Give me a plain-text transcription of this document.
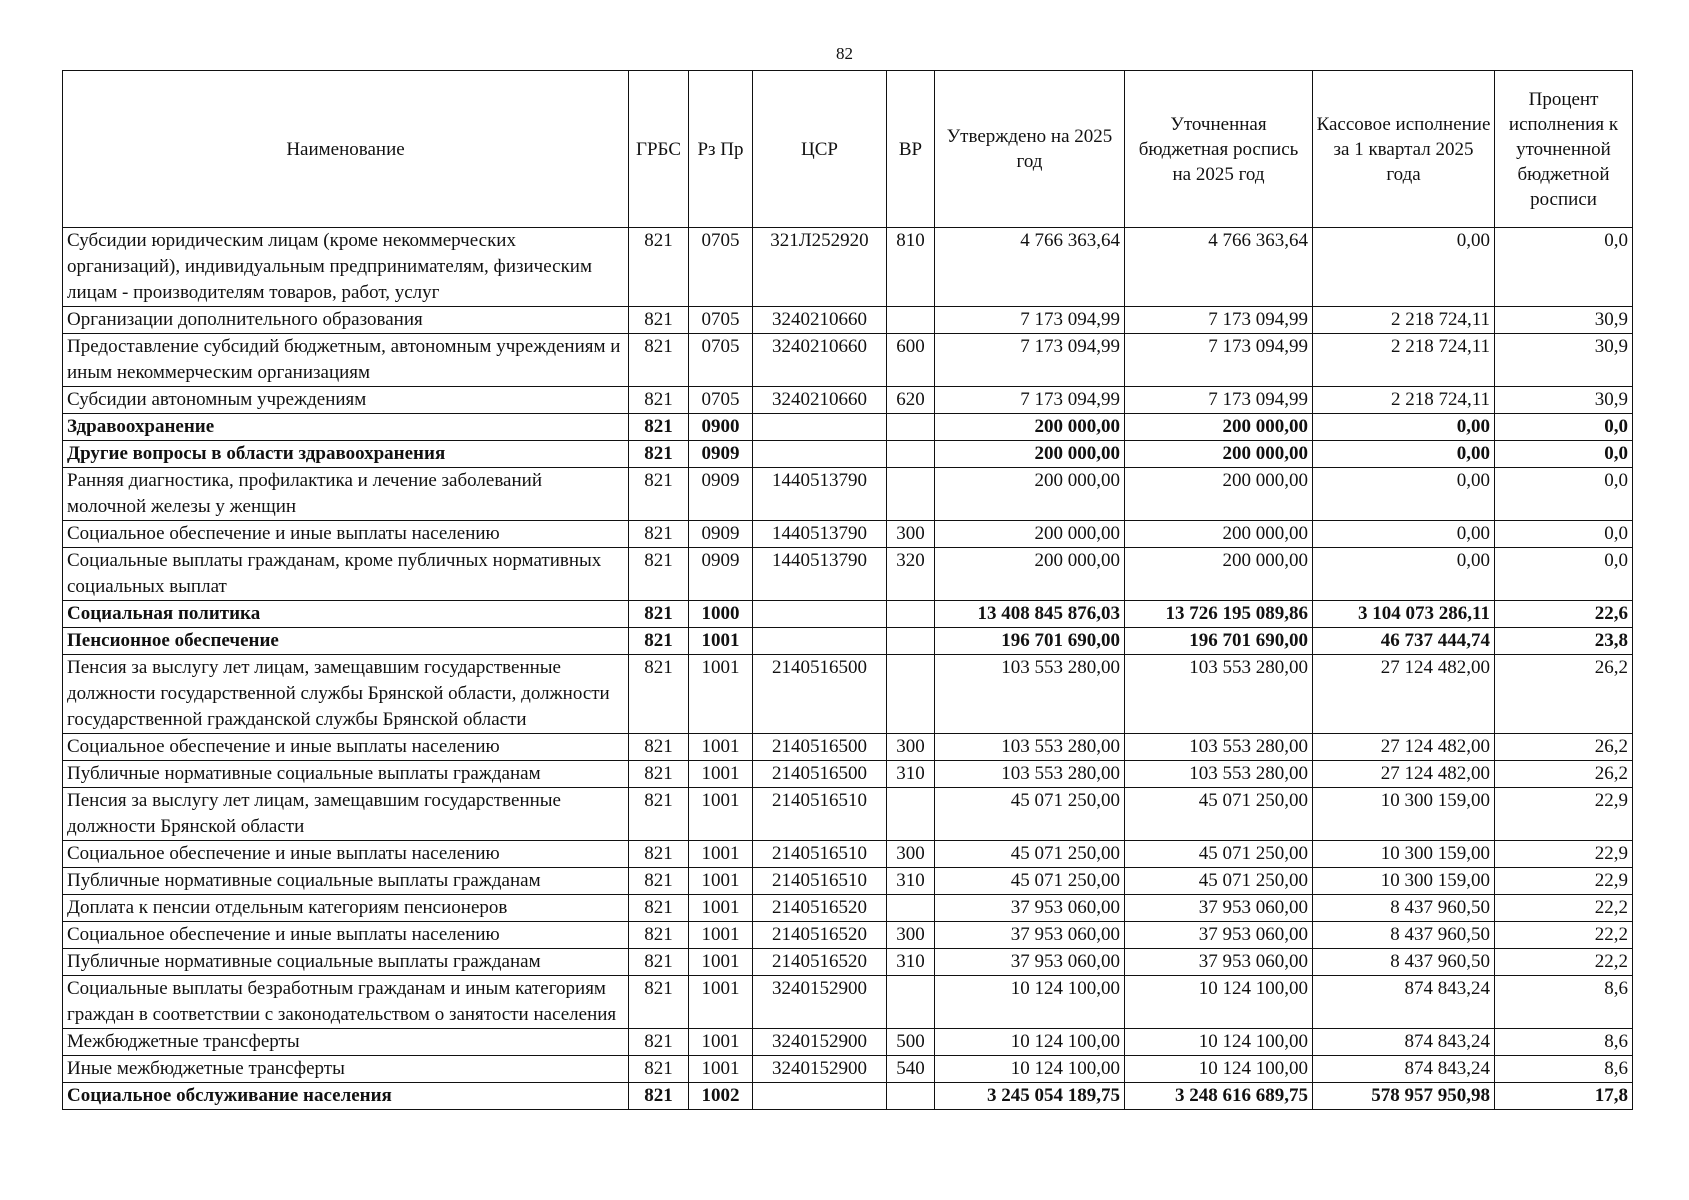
82
Наименование	ГРБС	Рз Пр	ЦСР	ВР	Утверждено на 2025 год	Уточненная бюджетная роспись на 2025 год	Кассовое исполнение за 1 квартал 2025 года	Процент исполнения к уточненной бюджетной росписи
Субсидии юридическим лицам (кроме некоммерческих организаций), индивидуальным предпринимателям, физическим лицам - производителям товаров, работ, услуг	821	0705	321Л252920	810	4 766 363,64	4 766 363,64	0,00	0,0
Организации дополнительного образования	821	0705	3240210660		7 173 094,99	7 173 094,99	2 218 724,11	30,9
Предоставление субсидий бюджетным, автономным учреждениям и иным некоммерческим организациям	821	0705	3240210660	600	7 173 094,99	7 173 094,99	2 218 724,11	30,9
Субсидии автономным учреждениям	821	0705	3240210660	620	7 173 094,99	7 173 094,99	2 218 724,11	30,9
Здравоохранение	821	0900			200 000,00	200 000,00	0,00	0,0
Другие вопросы в области здравоохранения	821	0909			200 000,00	200 000,00	0,00	0,0
Ранняя диагностика, профилактика и лечение заболеваний молочной железы у женщин	821	0909	1440513790		200 000,00	200 000,00	0,00	0,0
Социальное обеспечение и иные выплаты населению	821	0909	1440513790	300	200 000,00	200 000,00	0,00	0,0
Социальные выплаты гражданам, кроме публичных нормативных социальных выплат	821	0909	1440513790	320	200 000,00	200 000,00	0,00	0,0
Социальная политика	821	1000			13 408 845 876,03	13 726 195 089,86	3 104 073 286,11	22,6
Пенсионное обеспечение	821	1001			196 701 690,00	196 701 690,00	46 737 444,74	23,8
Пенсия за выслугу лет лицам, замещавшим государственные должности государственной службы Брянской области, должности государственной гражданской службы Брянской области	821	1001	2140516500		103 553 280,00	103 553 280,00	27 124 482,00	26,2
Социальное обеспечение и иные выплаты населению	821	1001	2140516500	300	103 553 280,00	103 553 280,00	27 124 482,00	26,2
Публичные нормативные социальные выплаты гражданам	821	1001	2140516500	310	103 553 280,00	103 553 280,00	27 124 482,00	26,2
Пенсия за выслугу лет лицам, замещавшим государственные должности Брянской области	821	1001	2140516510		45 071 250,00	45 071 250,00	10 300 159,00	22,9
Социальное обеспечение и иные выплаты населению	821	1001	2140516510	300	45 071 250,00	45 071 250,00	10 300 159,00	22,9
Публичные нормативные социальные выплаты гражданам	821	1001	2140516510	310	45 071 250,00	45 071 250,00	10 300 159,00	22,9
Доплата к пенсии отдельным категориям пенсионеров	821	1001	2140516520		37 953 060,00	37 953 060,00	8 437 960,50	22,2
Социальное обеспечение и иные выплаты населению	821	1001	2140516520	300	37 953 060,00	37 953 060,00	8 437 960,50	22,2
Публичные нормативные социальные выплаты гражданам	821	1001	2140516520	310	37 953 060,00	37 953 060,00	8 437 960,50	22,2
Социальные выплаты безработным гражданам и иным категориям граждан в соответствии с законодательством о занятости населения	821	1001	3240152900		10 124 100,00	10 124 100,00	874 843,24	8,6
Межбюджетные трансферты	821	1001	3240152900	500	10 124 100,00	10 124 100,00	874 843,24	8,6
Иные межбюджетные трансферты	821	1001	3240152900	540	10 124 100,00	10 124 100,00	874 843,24	8,6
Социальное обслуживание населения	821	1002			3 245 054 189,75	3 248 616 689,75	578 957 950,98	17,8
